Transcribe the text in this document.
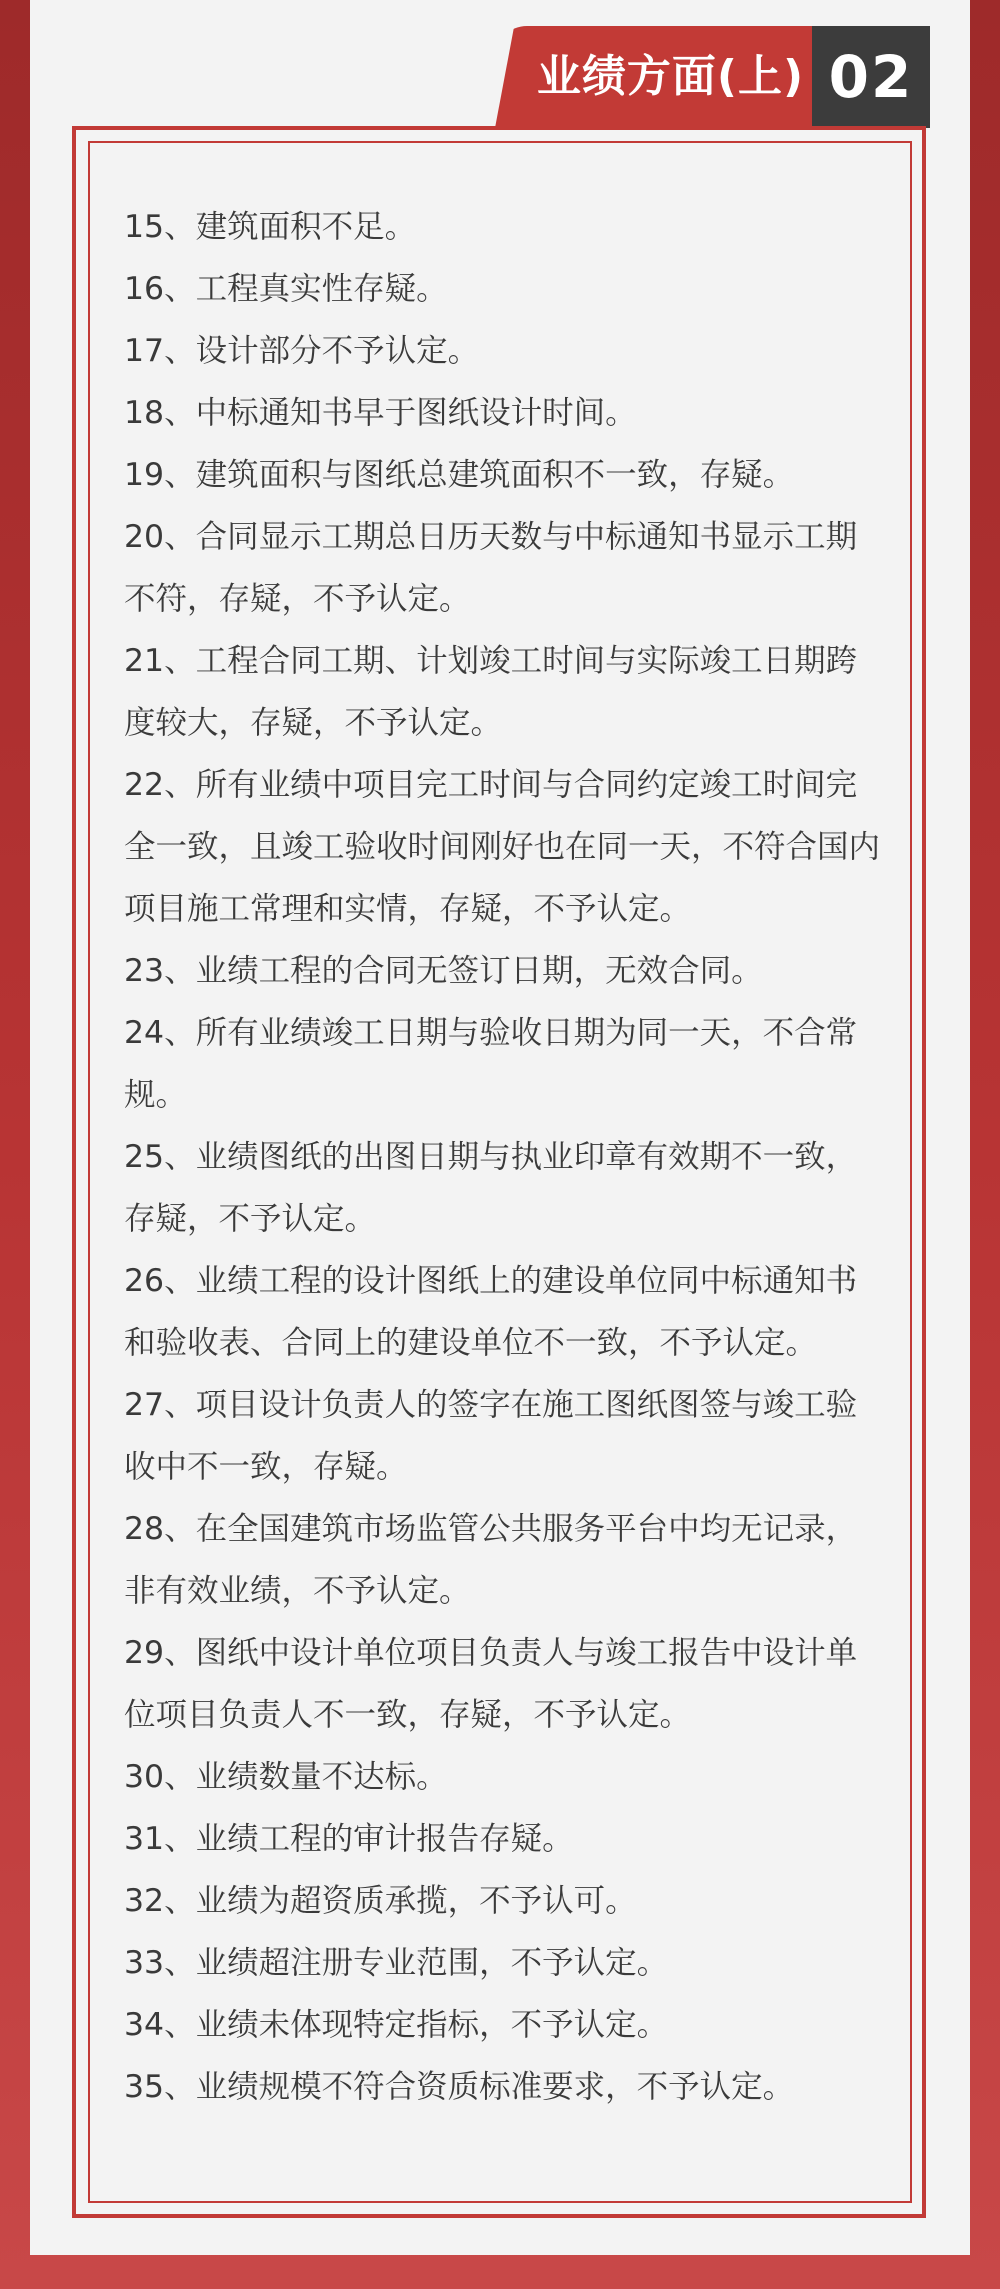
业绩方面(上) 02
15、建筑面积不足。
16、工程真实性存疑。
17、设计部分不予认定。
18、中标通知书早于图纸设计时间。
19、建筑面积与图纸总建筑面积不一致，存疑。
20、合同显示工期总日历天数与中标通知书显示工期不符，存疑，不予认定。
21、工程合同工期、计划竣工时间与实际竣工日期跨度较大，存疑，不予认定。
22、所有业绩中项目完工时间与合同约定竣工时间完全一致，且竣工验收时间刚好也在同一天，不符合国内项目施工常理和实情，存疑，不予认定。
23、业绩工程的合同无签订日期，无效合同。
24、所有业绩竣工日期与验收日期为同一天，不合常规。
25、业绩图纸的出图日期与执业印章有效期不一致，存疑，不予认定。
26、业绩工程的设计图纸上的建设单位同中标通知书和验收表、合同上的建设单位不一致，不予认定。
27、项目设计负责人的签字在施工图纸图签与竣工验收中不一致，存疑。
28、在全国建筑市场监管公共服务平台中均无记录，非有效业绩，不予认定。
29、图纸中设计单位项目负责人与竣工报告中设计单位项目负责人不一致，存疑，不予认定。
30、业绩数量不达标。
31、业绩工程的审计报告存疑。
32、业绩为超资质承揽，不予认可。
33、业绩超注册专业范围，不予认定。
34、业绩未体现特定指标，不予认定。
35、业绩规模不符合资质标准要求，不予认定。
